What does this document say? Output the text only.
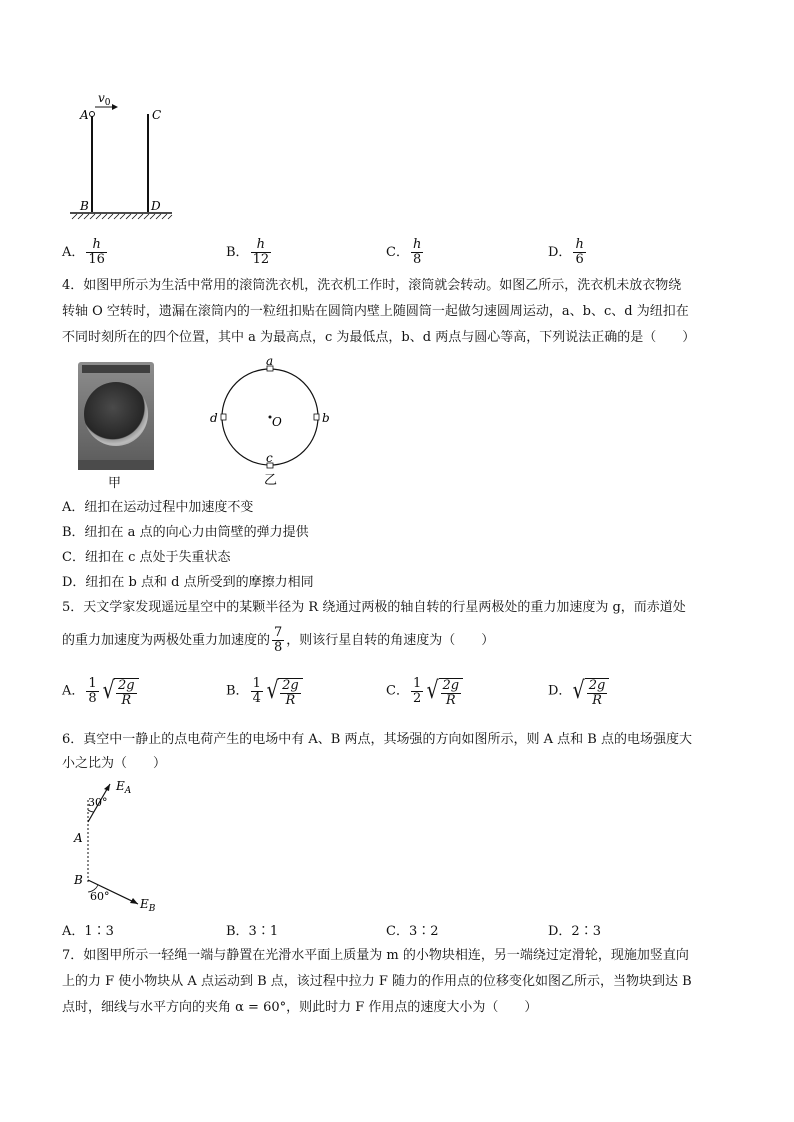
A
$v_0$
C
B	D
A． $\frac{h}{16}$	B． $\frac{h}{12}$	C． $\frac{h}{8}$	D． $\frac{h}{6}$
4．如图甲所示为生活中常用的滚筒洗衣机，洗衣机工作时，滚筒就会转动。如图乙所示，洗衣机未放衣物绕
转轴 O 空转时，遗漏在滚筒内的一粒纽扣贴在圆筒内壁上随圆筒一起做匀速圆周运动，a、b、c、d 为纽扣在
不同时刻所在的四个位置，其中 a 为最高点，c 为最低点，b、d 两点与圆心等高，下列说法正确的是（　　）
甲
a
b
c
d	O
乙
A．纽扣在运动过程中加速度不变
B．纽扣在 a 点的向心力由筒壁的弹力提供
C．纽扣在 c 点处于失重状态
D．纽扣在 b 点和 d 点所受到的摩擦力相同
5．天文学家发现遥远星空中的某颗半径为 R 绕通过两极的轴自转的行星两极处的重力加速度为 g，而赤道处
的重力加速度为两极处重力加速度的 $\frac{7}{8}$ ，则该行星自转的角速度为（　　）
A． $\frac{1}{8}$ √ $\frac{2g}{R}$	B． $\frac{1}{4}$ √ $\frac{2g}{R}$	C． $\frac{1}{2}$ √ $\frac{2g}{R}$	D． √ $\frac{2g}{R}$
6．真空中一静止的点电荷产生的电场中有 A、B 两点，其场强的方向如图所示，则 A 点和 B 点的电场强度大
小之比为（　　）
30°
$E_A$
A
B
60°
$E_B$
A．1∶3	B．3∶1	C．3∶2	D．2∶3
7．如图甲所示一轻绳一端与静置在光滑水平面上质量为 m 的小物块相连，另一端绕过定滑轮，现施加竖直向
上的力 F 使小物块从 A 点运动到 B 点，该过程中拉力 F 随力的作用点的位移变化如图乙所示，当物块到达 B
点时，细线与水平方向的夹角 α = 60°，则此时力 F 作用点的速度大小为（　　）
